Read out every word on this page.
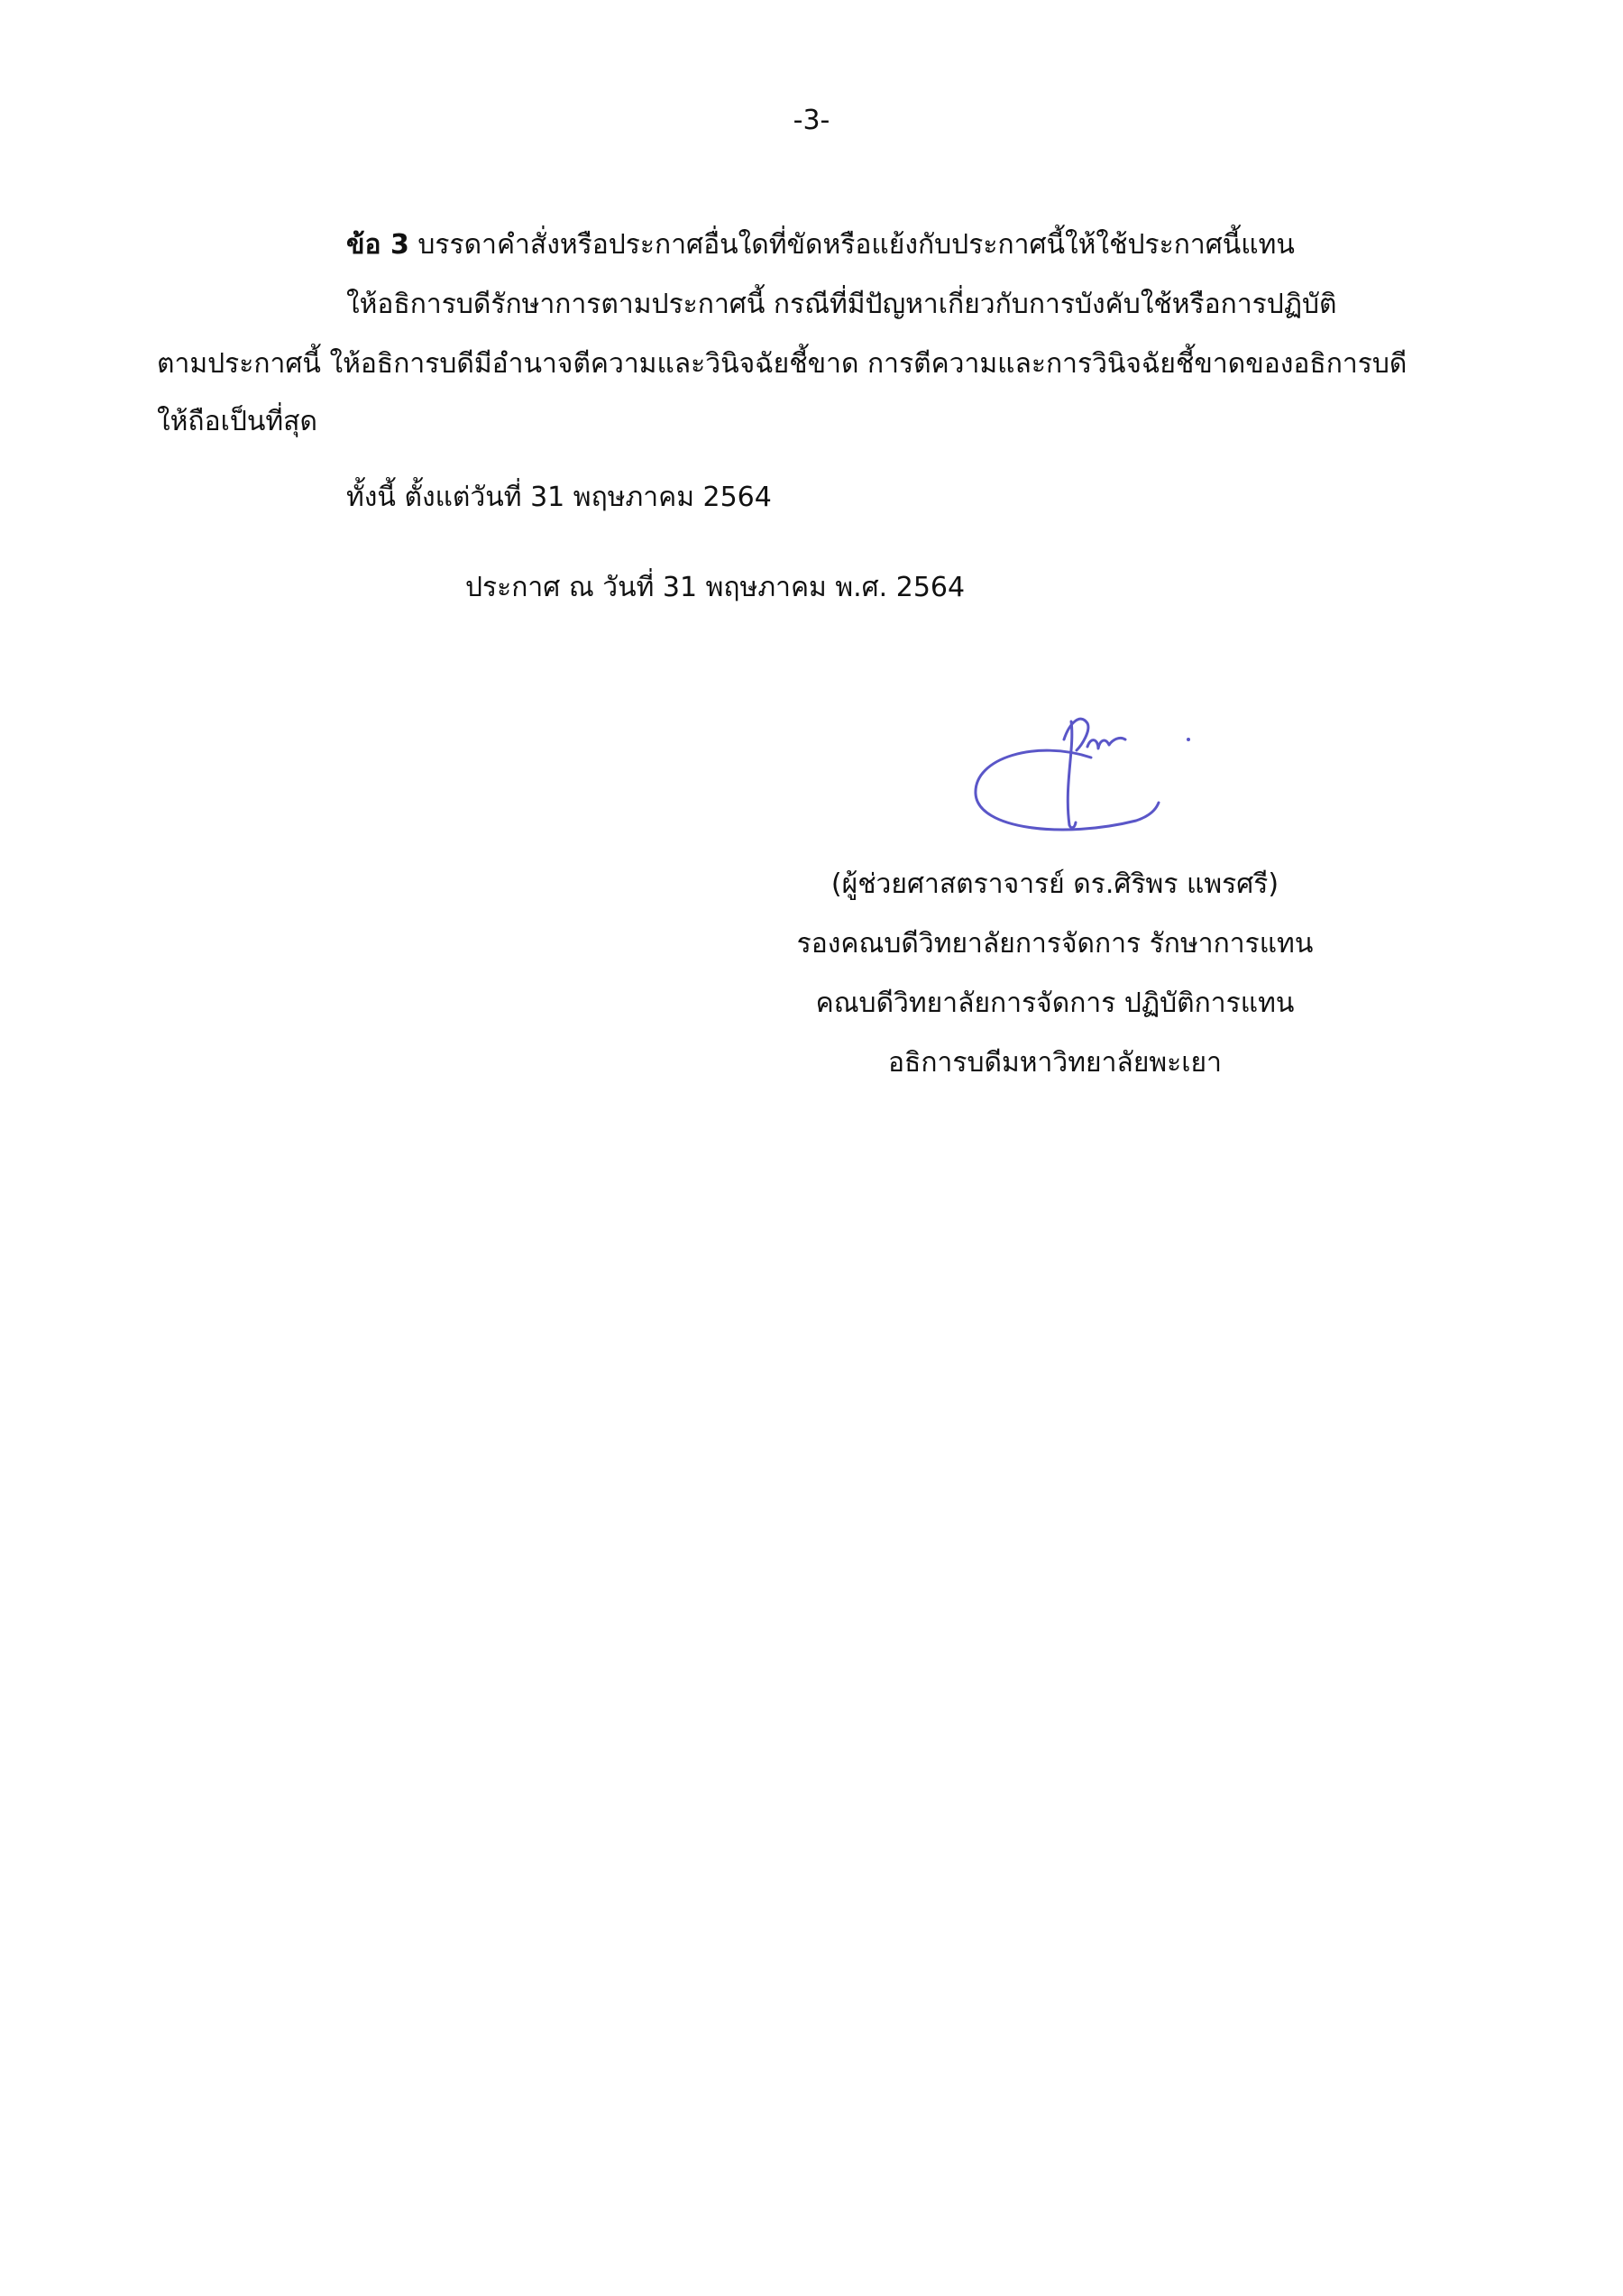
-3-
ข้อ 3 บรรดาคำสั่งหรือประกาศอื่นใดที่ขัดหรือแย้งกับประกาศนี้ให้ใช้ประกาศนี้แทน
ให้อธิการบดีรักษาการตามประกาศนี้ กรณีที่มีปัญหาเกี่ยวกับการบังคับใช้หรือการปฏิบัติ
ตามประกาศนี้ ให้อธิการบดีมีอำนาจตีความและวินิจฉัยชี้ขาด การตีความและการวินิจฉัยชี้ขาดของอธิการบดี
ให้ถือเป็นที่สุด
ทั้งนี้ ตั้งแต่วันที่ 31 พฤษภาคม 2564
ประกาศ ณ วันที่ 31 พฤษภาคม พ.ศ. 2564
(ผู้ช่วยศาสตราจารย์ ดร.ศิริพร แพรศรี)
รองคณบดีวิทยาลัยการจัดการ รักษาการแทน
คณบดีวิทยาลัยการจัดการ ปฏิบัติการแทน
อธิการบดีมหาวิทยาลัยพะเยา
